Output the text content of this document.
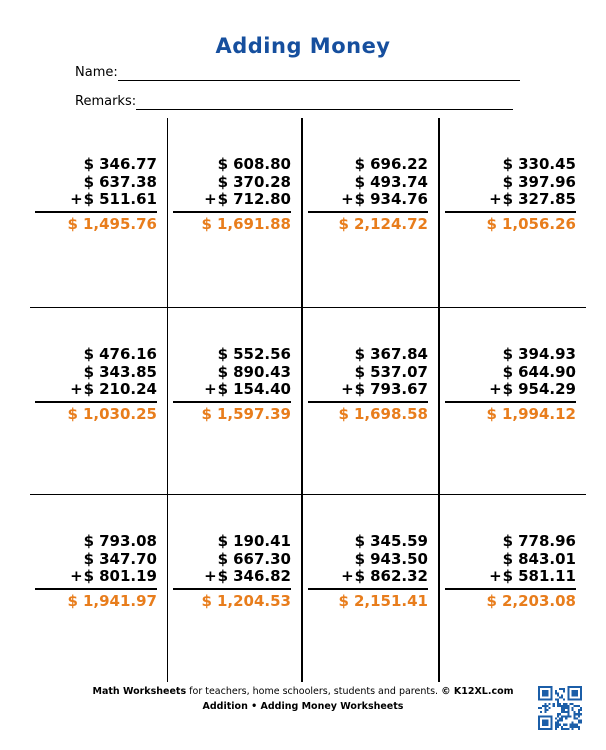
Adding Money
Name:
Remarks:
$ 346.77
$ 637.38
+ $ 511.61
$ 1,495.76
$ 608.80
$ 370.28
+ $ 712.80
$ 1,691.88
$ 696.22
$ 493.74
+ $ 934.76
$ 2,124.72
$ 330.45
$ 397.96
+ $ 327.85
$ 1,056.26
$ 476.16
$ 343.85
+ $ 210.24
$ 1,030.25
$ 552.56
$ 890.43
+ $ 154.40
$ 1,597.39
$ 367.84
$ 537.07
+ $ 793.67
$ 1,698.58
$ 394.93
$ 644.90
+ $ 954.29
$ 1,994.12
$ 793.08
$ 347.70
+ $ 801.19
$ 1,941.97
$ 190.41
$ 667.30
+ $ 346.82
$ 1,204.53
$ 345.59
$ 943.50
+ $ 862.32
$ 2,151.41
$ 778.96
$ 843.01
+ $ 581.11
$ 2,203.08
Math Worksheets for teachers, home schoolers, students and parents. © K12XL.com
Addition • Adding Money Worksheets
